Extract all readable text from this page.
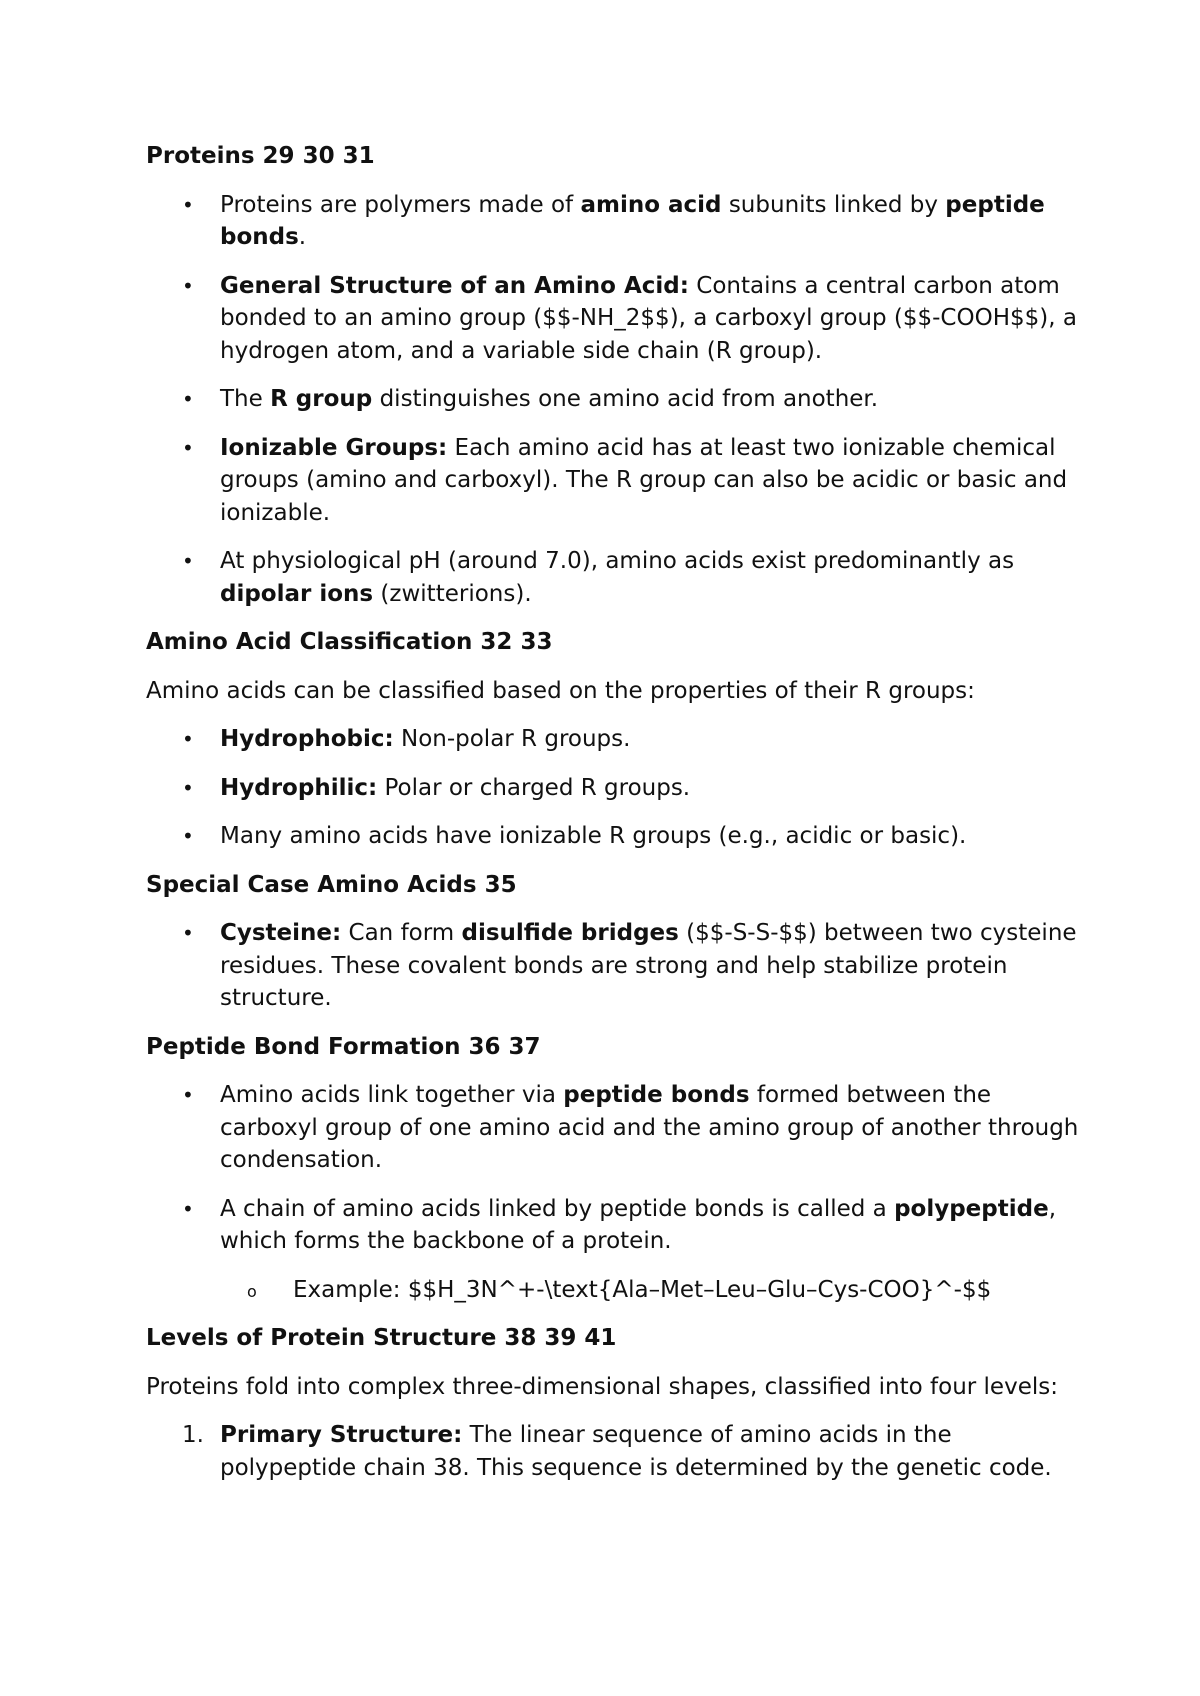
Proteins 29 30 31
• Proteins are polymers made of amino acid subunits linked by peptide bonds.
• General Structure of an Amino Acid: Contains a central carbon atom bonded to an amino group ($$-NH_2$$), a carboxyl group ($$-COOH$$), a hydrogen atom, and a variable side chain (R group).
• The R group distinguishes one amino acid from another.
• Ionizable Groups: Each amino acid has at least two ionizable chemical groups (amino and carboxyl). The R group can also be acidic or basic and ionizable.
• At physiological pH (around 7.0), amino acids exist predominantly as dipolar ions (zwitterions).
Amino Acid Classification 32 33
Amino acids can be classified based on the properties of their R groups:
• Hydrophobic: Non-polar R groups.
• Hydrophilic: Polar or charged R groups.
• Many amino acids have ionizable R groups (e.g., acidic or basic).
Special Case Amino Acids 35
• Cysteine: Can form disulfide bridges ($$-S-S-$$) between two cysteine residues. These covalent bonds are strong and help stabilize protein structure.
Peptide Bond Formation 36 37
• Amino acids link together via peptide bonds formed between the carboxyl group of one amino acid and the amino group of another through condensation.
• A chain of amino acids linked by peptide bonds is called a polypeptide, which forms the backbone of a protein.
o Example: $$H_3N^+-\text{Ala–Met–Leu–Glu–Cys-COO}^-$$
Levels of Protein Structure 38 39 41
Proteins fold into complex three-dimensional shapes, classified into four levels:
1. Primary Structure: The linear sequence of amino acids in the polypeptide chain 38. This sequence is determined by the genetic code.
